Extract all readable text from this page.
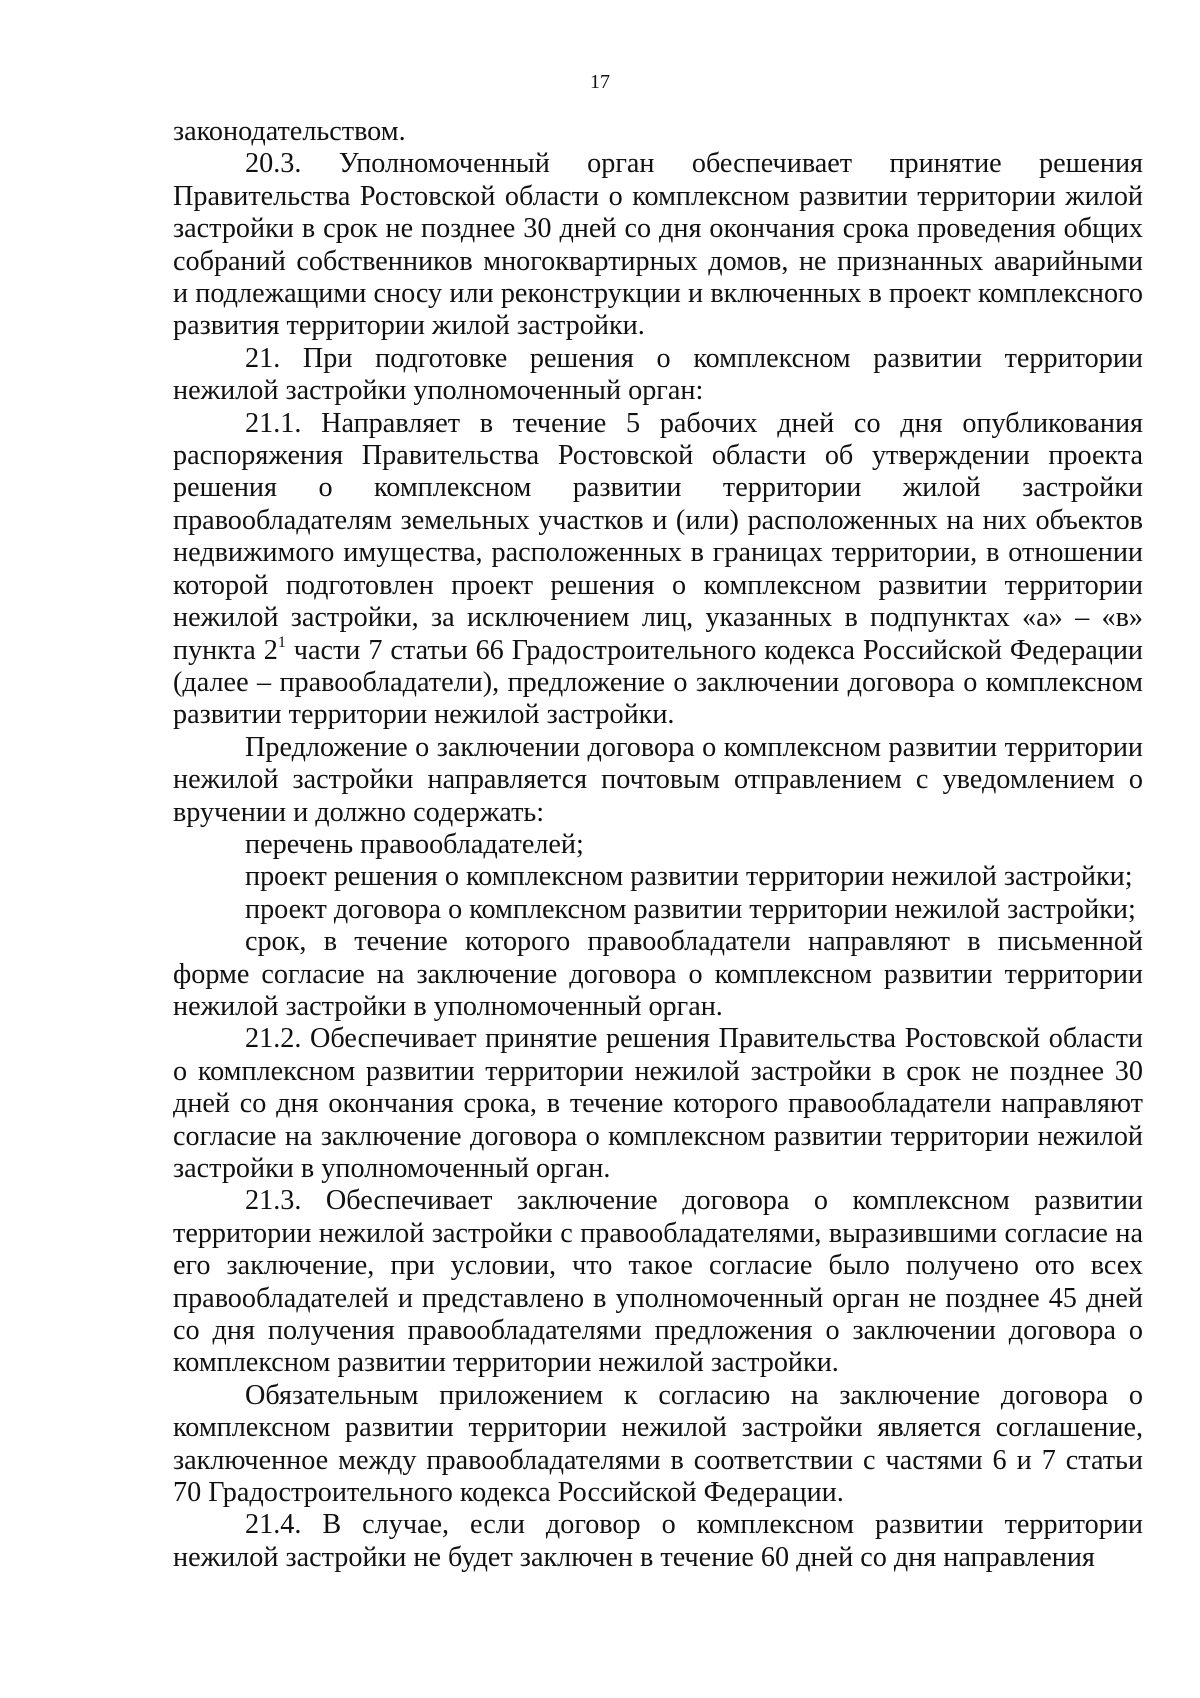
17

законодательством.

20.3. Уполномоченный орган обеспечивает принятие решения Правительства Ростовской области о комплексном развитии территории жилой застройки в срок не позднее 30 дней со дня окончания срока проведения общих собраний собственников многоквартирных домов, не признанных аварийными и подлежащими сносу или реконструкции и включенных в проект комплексного развития территории жилой застройки.

21. При подготовке решения о комплексном развитии территории нежилой застройки уполномоченный орган:

21.1. Направляет в течение 5 рабочих дней со дня опубликования распоряжения Правительства Ростовской области об утверждении проекта решения о комплексном развитии территории жилой застройки правообладателям земельных участков и (или) расположенных на них объектов недвижимого имущества, расположенных в границах территории, в отношении которой подготовлен проект решения о комплексном развитии территории нежилой застройки, за исключением лиц, указанных в подпунктах «а» – «в» пункта $2^1$ части 7 статьи 66 Градостроительного кодекса Российской Федерации (далее – правообладатели), предложение о заключении договора о комплексном развитии территории нежилой застройки.

Предложение о заключении договора о комплексном развитии территории нежилой застройки направляется почтовым отправлением с уведомлением о вручении и должно содержать:

перечень правообладателей;

проект решения о комплексном развитии территории нежилой застройки;

проект договора о комплексном развитии территории нежилой застройки;

срок, в течение которого правообладатели направляют в письменной форме согласие на заключение договора о комплексном развитии территории нежилой застройки в уполномоченный орган.

21.2. Обеспечивает принятие решения Правительства Ростовской области о комплексном развитии территории нежилой застройки в срок не позднее 30 дней со дня окончания срока, в течение которого правообладатели направляют согласие на заключение договора о комплексном развитии территории нежилой застройки в уполномоченный орган.

21.3. Обеспечивает заключение договора о комплексном развитии территории нежилой застройки с правообладателями, выразившими согласие на его заключение, при условии, что такое согласие было получено ото всех правообладателей и представлено в уполномоченный орган не позднее 45 дней со дня получения правообладателями предложения о заключении договора о комплексном развитии территории нежилой застройки.

Обязательным приложением к согласию на заключение договора о комплексном развитии территории нежилой застройки является соглашение, заключенное между правообладателями в соответствии с частями 6 и 7 статьи 70 Градостроительного кодекса Российской Федерации.

21.4. В случае, если договор о комплексном развитии территории нежилой застройки не будет заключен в течение 60 дней со дня направления
